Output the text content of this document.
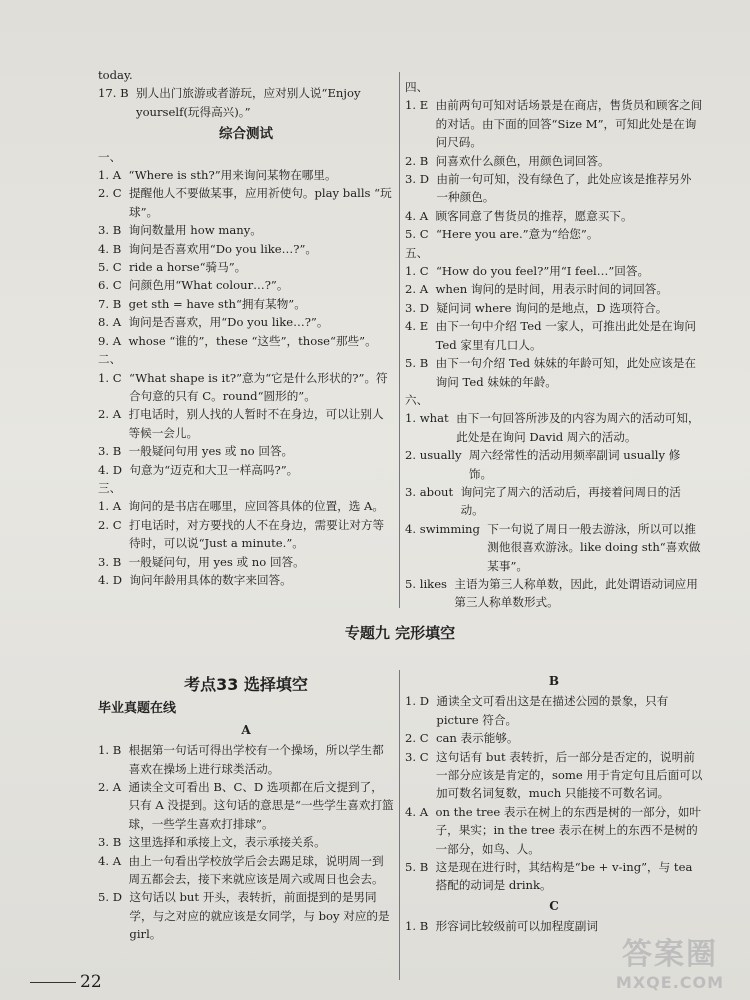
today.
17. B 别人出门旅游或者游玩，应对别人说“Enjoy yourself(玩得高兴)。”
综合测试
一、
1. A “Where is sth?”用来询问某物在哪里。
2. C 提醒他人不要做某事，应用祈使句。play balls “玩球”。
3. B 询问数量用 how many。
4. B 询问是否喜欢用“Do you like…?”。
5. C ride a horse“骑马”。
6. C 问颜色用“What colour…?”。
7. B get sth = have sth“拥有某物”。
8. A 询问是否喜欢，用“Do you like…?”。
9. A whose “谁的”，these “这些”，those“那些”。
二、
1. C “What shape is it?”意为“它是什么形状的?”。符合句意的只有 C。round“圆形的”。
2. A 打电话时，别人找的人暂时不在身边，可以让别人等候一会儿。
3. B 一般疑问句用 yes 或 no 回答。
4. D 句意为“迈克和大卫一样高吗?”。
三、
1. A 询问的是书店在哪里，应回答具体的位置，选 A。
2. C 打电话时，对方要找的人不在身边，需要让对方等待时，可以说“Just a minute.”。
3. B 一般疑问句，用 yes 或 no 回答。
4. D 询问年龄用具体的数字来回答。
四、
1. E 由前两句可知对话场景是在商店，售货员和顾客之间的对话。由下面的回答“Size M”，可知此处是在询问尺码。
2. B 问喜欢什么颜色，用颜色词回答。
3. D 由前一句可知，没有绿色了，此处应该是推荐另外一种颜色。
4. A 顾客同意了售货员的推荐，愿意买下。
5. C “Here you are.”意为“给您”。
五、
1. C “How do you feel?”用“I feel…”回答。
2. A when 询问的是时间，用表示时间的词回答。
3. D 疑问词 where 询问的是地点，D 选项符合。
4. E 由下一句中介绍 Ted 一家人，可推出此处是在询问 Ted 家里有几口人。
5. B 由下一句介绍 Ted 妹妹的年龄可知，此处应该是在询问 Ted 妹妹的年龄。
六、
1. what 由下一句回答所涉及的内容为周六的活动可知，此处是在询问 David 周六的活动。
2. usually 周六经常性的活动用频率副词 usually 修饰。
3. about 询问完了周六的活动后，再接着问周日的活动。
4. swimming 下一句说了周日一般去游泳，所以可以推测他很喜欢游泳。like doing sth“喜欢做某事”。
5. likes 主语为第三人称单数，因此，此处谓语动词应用第三人称单数形式。
专题九 完形填空
考点33 选择填空
毕业真题在线
A
1. B 根据第一句话可得出学校有一个操场，所以学生都喜欢在操场上进行球类活动。
2. A 通读全文可看出 B、C、D 选项都在后文提到了，只有 A 没提到。这句话的意思是“一些学生喜欢打篮球，一些学生喜欢打排球”。
3. B 这里选择和承接上文，表示承接关系。
4. A 由上一句看出学校放学后会去踢足球，说明周一到周五都会去，接下来就应该是周六或周日也会去。
5. D 这句话以 but 开头，表转折，前面提到的是男同学，与之对应的就应该是女同学，与 boy 对应的是 girl。
B
1. D 通读全文可看出这是在描述公园的景象，只有 picture 符合。
2. C can 表示能够。
3. C 这句话有 but 表转折，后一部分是否定的，说明前一部分应该是肯定的，some 用于肯定句且后面可以加可数名词复数，much 只能接不可数名词。
4. A on the tree 表示在树上的东西是树的一部分，如叶子，果实；in the tree 表示在树上的东西不是树的一部分，如鸟、人。
5. B 这是现在进行时，其结构是“be + v-ing”，与 tea 搭配的动词是 drink。
C
1. B 形容词比较级前可以加程度副词
22
答案圈
MXQE.COM
